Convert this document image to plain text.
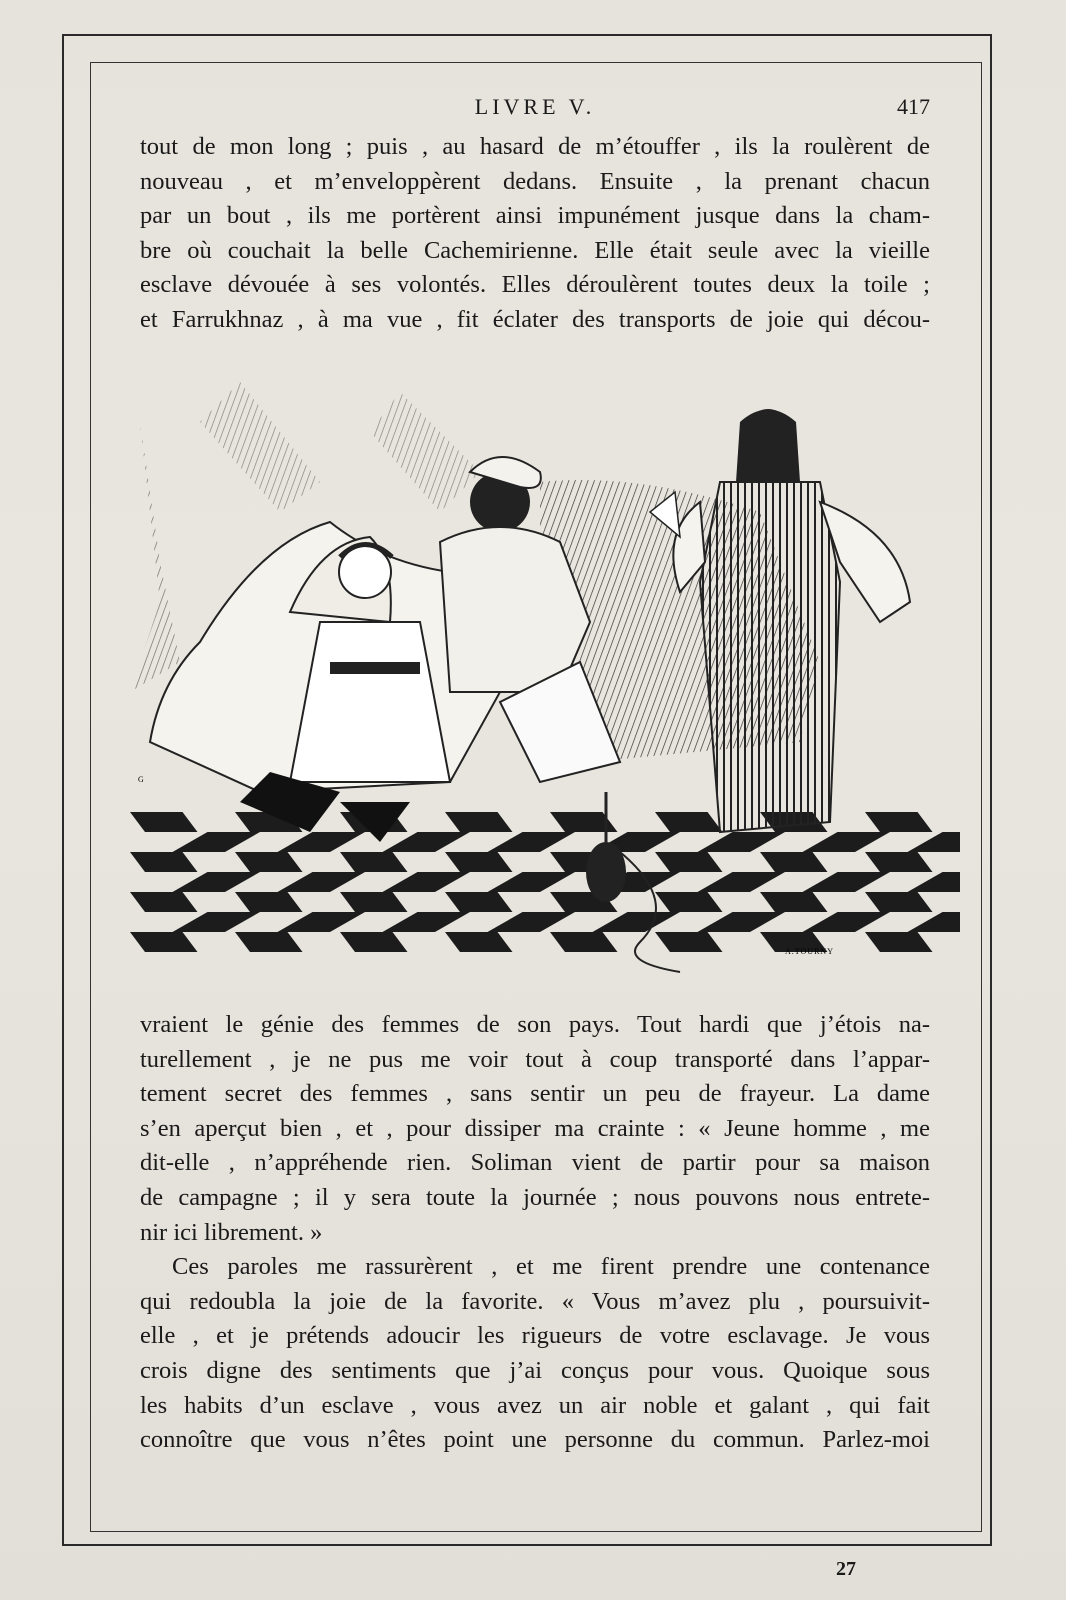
LIVRE V.	417
tout de mon long ; puis , au hasard de m’étouffer , ils la roulèrent de
nouveau , et m’enveloppèrent dedans. Ensuite , la prenant chacun
par un bout , ils me portèrent ainsi impunément jusque dans la cham-
bre où couchait la belle Cachemirienne. Elle était seule avec la vieille
esclave dévouée à ses volontés. Elles déroulèrent toutes deux la toile ;
et Farrukhnaz , à ma vue , fit éclater des transports de joie qui décou-
G
A.TOURNY
vraient le génie des femmes de son pays. Tout hardi que j’étois na-
turellement , je ne pus me voir tout à coup transporté dans l’appar-
tement secret des femmes , sans sentir un peu de frayeur. La dame
s’en aperçut bien , et , pour dissiper ma crainte : « Jeune homme , me
dit-elle , n’appréhende rien. Soliman vient de partir pour sa maison
de campagne ; il y sera toute la journée ; nous pouvons nous entrete-
nir ici librement. »
Ces paroles me rassurèrent , et me firent prendre une contenance
qui redoubla la joie de la favorite. « Vous m’avez plu , poursuivit-
elle , et je prétends adoucir les rigueurs de votre esclavage. Je vous
crois digne des sentiments que j’ai conçus pour vous. Quoique sous
les habits d’un esclave , vous avez un air noble et galant , qui fait
connoître que vous n’êtes point une personne du commun. Parlez-moi
27
